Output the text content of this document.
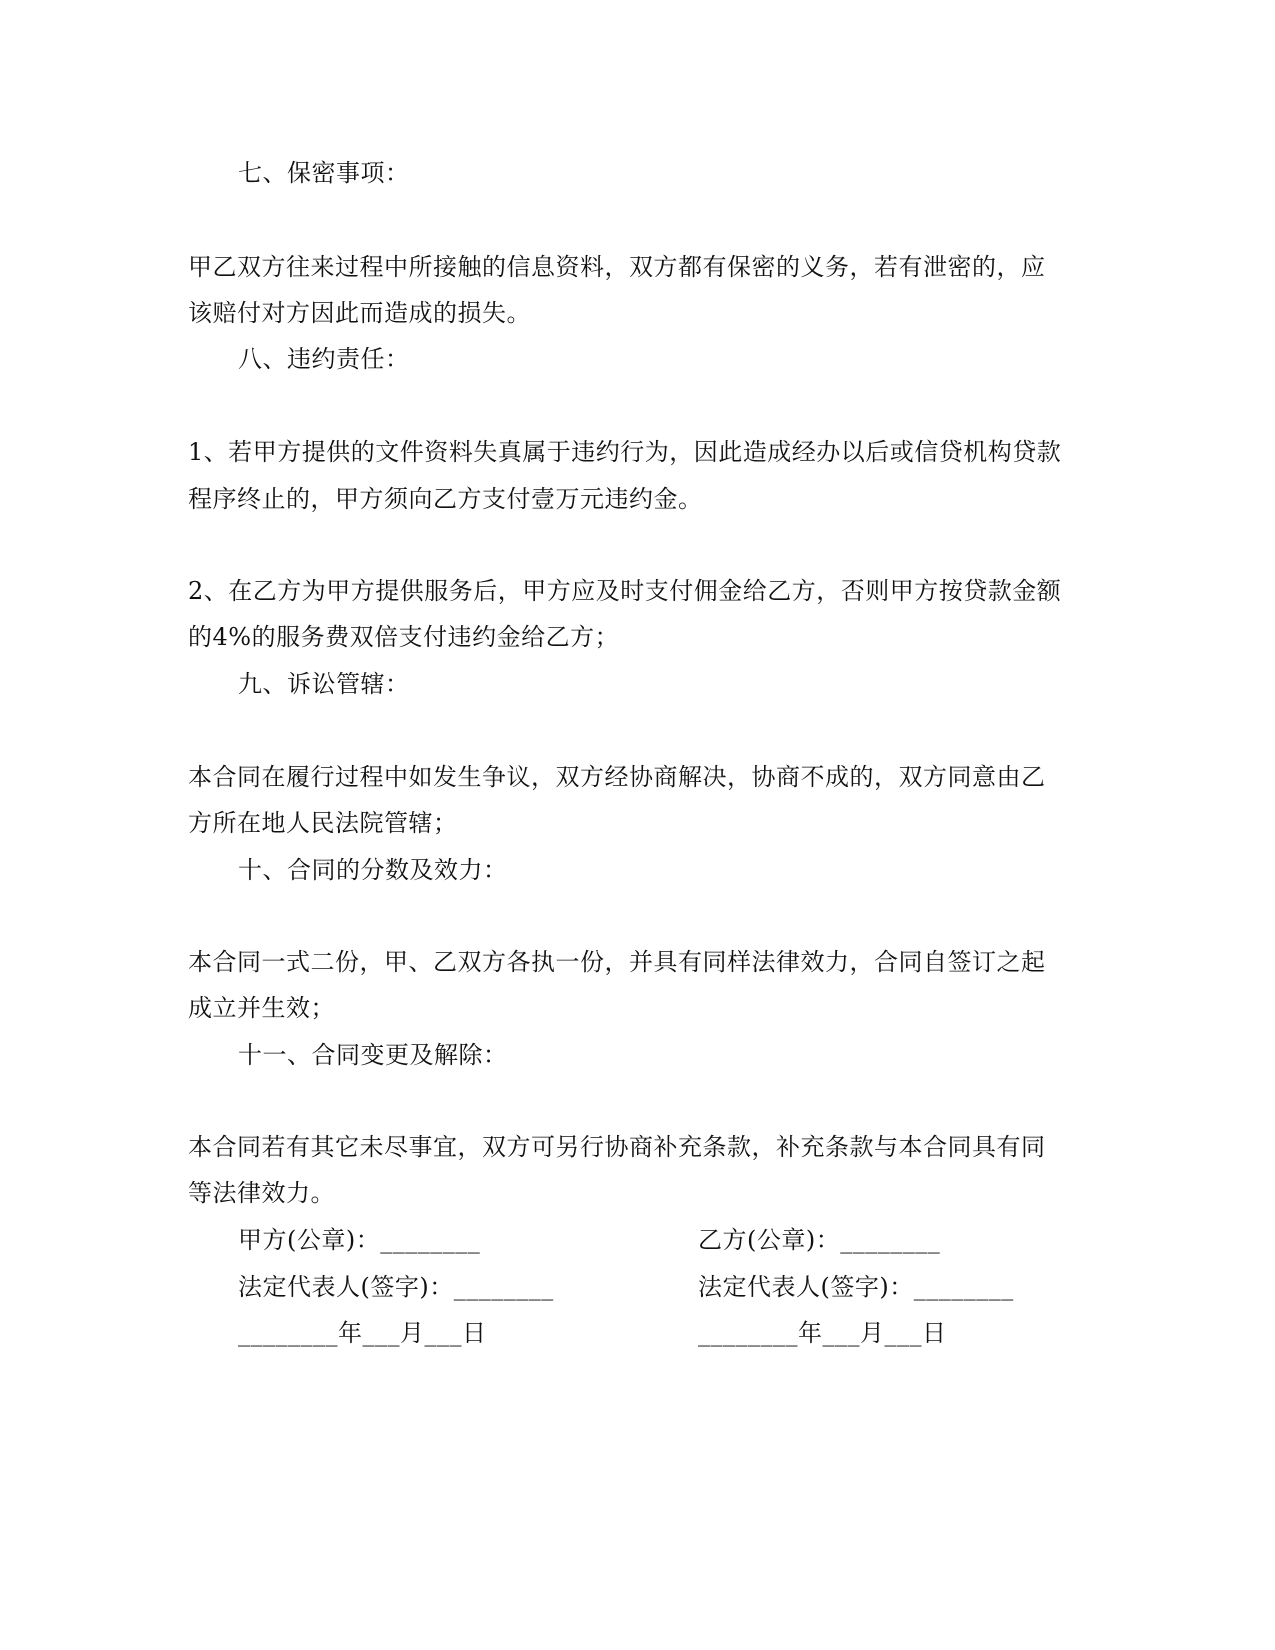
七、保密事项：
甲乙双方往来过程中所接触的信息资料，双方都有保密的义务，若有泄密的，应
该赔付对方因此而造成的损失。
八、违约责任：
1、若甲方提供的文件资料失真属于违约行为，因此造成经办以后或信贷机构贷款
程序终止的，甲方须向乙方支付壹万元违约金。
2、在乙方为甲方提供服务后，甲方应及时支付佣金给乙方，否则甲方按贷款金额
的4%的服务费双倍支付违约金给乙方；
九、诉讼管辖：
本合同在履行过程中如发生争议，双方经协商解决，协商不成的，双方同意由乙
方所在地人民法院管辖；
十、合同的分数及效力：
本合同一式二份，甲、乙双方各执一份，并具有同样法律效力，合同自签订之起
成立并生效；
十一、合同变更及解除：
本合同若有其它未尽事宜，双方可另行协商补充条款，补充条款与本合同具有同
等法律效力。
甲方(公章)：________	乙方(公章)：________
法定代表人(签字)：________	法定代表人(签字)：________
________年___月___日	________年___月___日
